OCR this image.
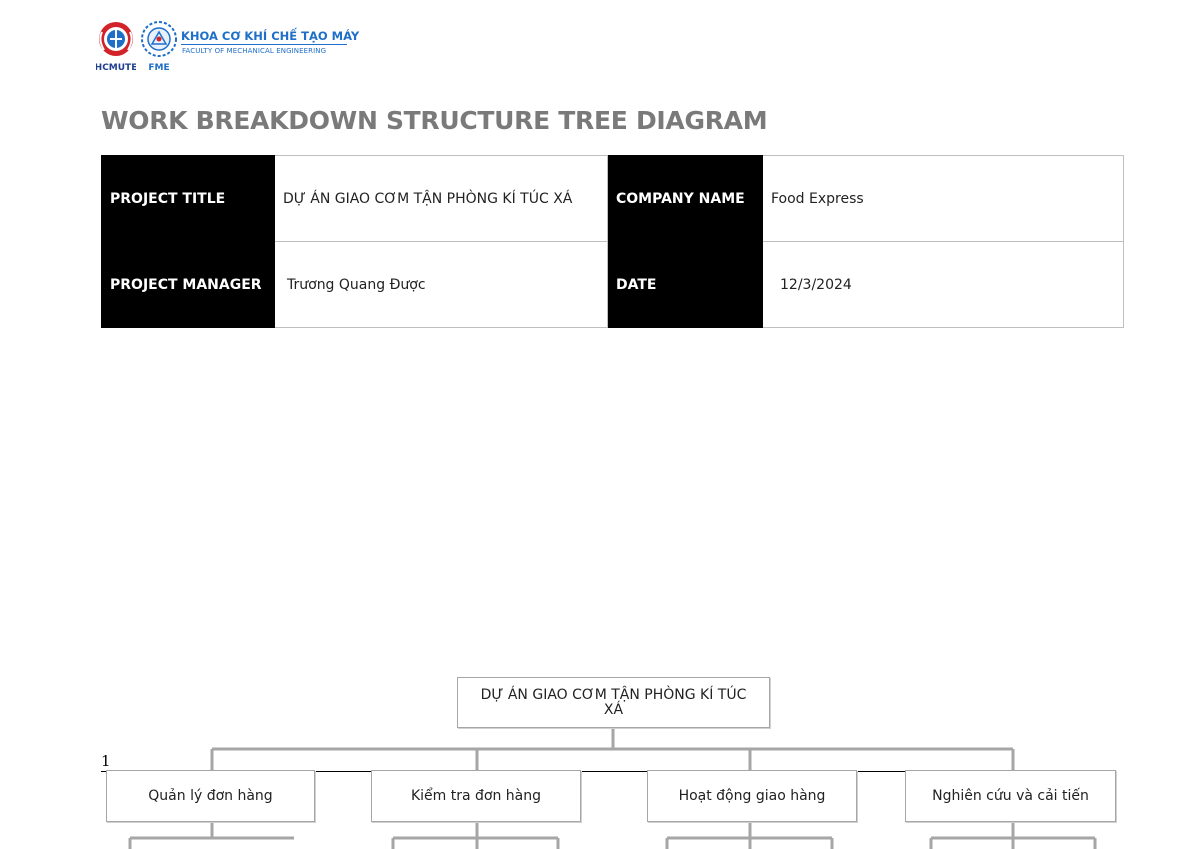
HCMUTE FME
KHOA CƠ KHÍ CHẾ TẠO MÁY
FACULTY OF MECHANICAL ENGINEERING
WORK BREAKDOWN STRUCTURE TREE DIAGRAM
PROJECT TITLE	DỰ ÁN GIAO CƠM TẬN PHÒNG KÍ TÚC XÁ	COMPANY NAME	Food Express
PROJECT MANAGER	Trương Quang Được	DATE	12/3/2024
1
DỰ ÁN GIAO CƠM TẬN PHÒNG KÍ TÚC XÁ
Quản lý đơn hàng	Kiểm tra đơn hàng	Hoạt động giao hàng	Nghiên cứu và cải tiến
